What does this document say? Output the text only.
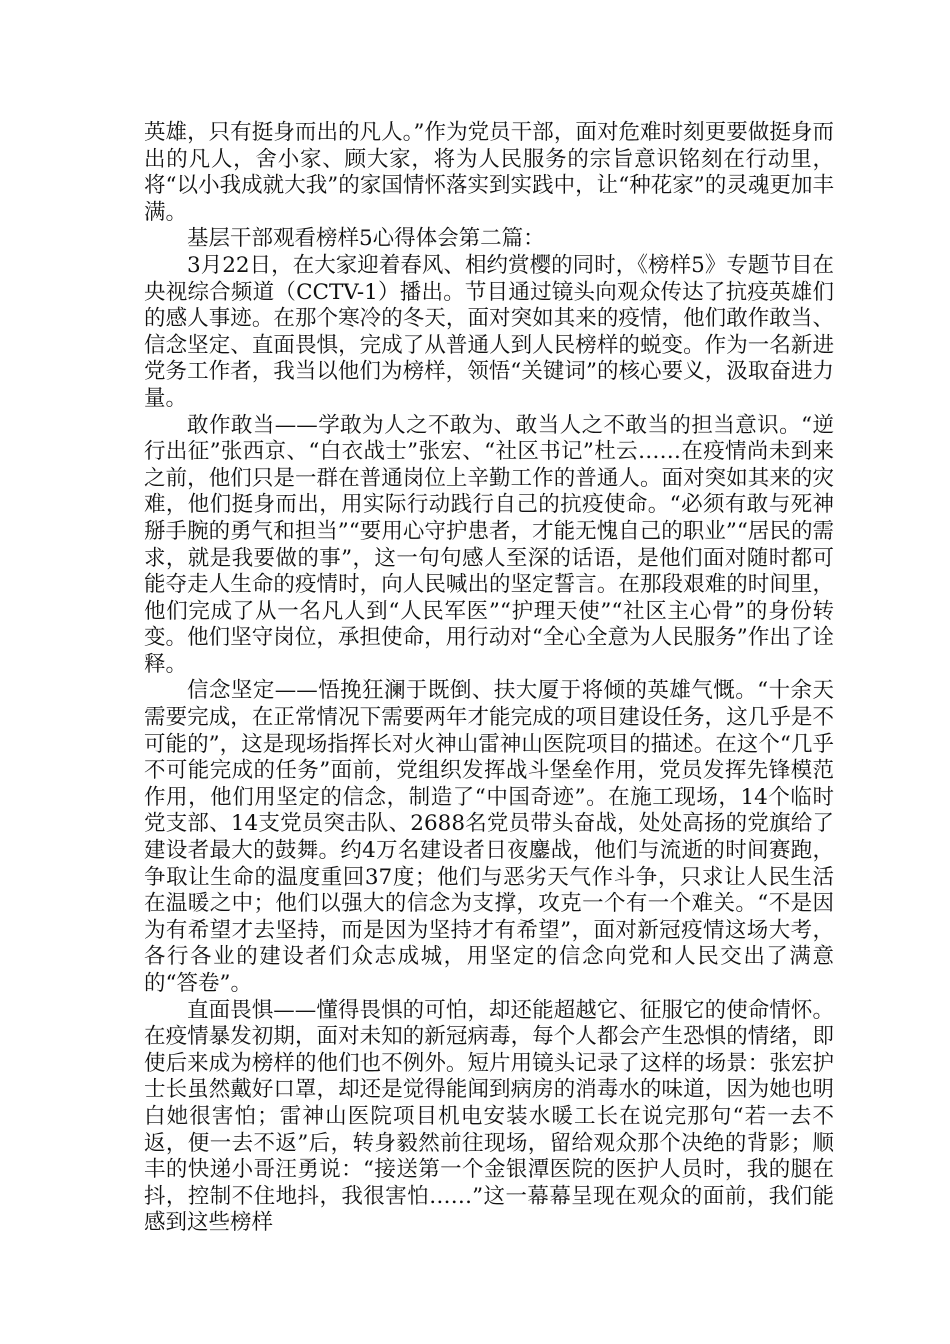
英雄，只有挺身而出的凡人。”作为党员干部，面对危难时刻更要做挺身而出的凡人，舍小家、顾大家，将为人民服务的宗旨意识铭刻在行动里，将“以小我成就大我”的家国情怀落实到实践中，让“种花家”的灵魂更加丰满。

基层干部观看榜样5心得体会第二篇：

3月22日，在大家迎着春风、相约赏樱的同时，《榜样5》专题节目在央视综合频道（CCTV-1）播出。节目通过镜头向观众传达了抗疫英雄们的感人事迹。在那个寒冷的冬天，面对突如其来的疫情，他们敢作敢当、信念坚定、直面畏惧，完成了从普通人到人民榜样的蜕变。作为一名新进党务工作者，我当以他们为榜样，领悟“关键词”的核心要义，汲取奋进力量。

敢作敢当——学敢为人之不敢为、敢当人之不敢当的担当意识。“逆行出征”张西京、“白衣战士”张宏、“社区书记”杜云……在疫情尚未到来之前，他们只是一群在普通岗位上辛勤工作的普通人。面对突如其来的灾难，他们挺身而出，用实际行动践行自己的抗疫使命。“必须有敢与死神掰手腕的勇气和担当”“要用心守护患者，才能无愧自己的职业”“居民的需求，就是我要做的事”，这一句句感人至深的话语，是他们面对随时都可能夺走人生命的疫情时，向人民喊出的坚定誓言。在那段艰难的时间里，他们完成了从一名凡人到“人民军医”“护理天使”“社区主心骨”的身份转变。他们坚守岗位，承担使命，用行动对“全心全意为人民服务”作出了诠释。

信念坚定——悟挽狂澜于既倒、扶大厦于将倾的英雄气慨。“十余天需要完成，在正常情况下需要两年才能完成的项目建设任务，这几乎是不可能的”，这是现场指挥长对火神山雷神山医院项目的描述。在这个“几乎不可能完成的任务”面前，党组织发挥战斗堡垒作用，党员发挥先锋模范作用，他们用坚定的信念，制造了“中国奇迹”。在施工现场，14个临时党支部、14支党员突击队、2688名党员带头奋战，处处高扬的党旗给了建设者最大的鼓舞。约4万名建设者日夜鏖战，他们与流逝的时间赛跑，争取让生命的温度重回37度；他们与恶劣天气作斗争，只求让人民生活在温暖之中；他们以强大的信念为支撑，攻克一个有一个难关。“不是因为有希望才去坚持，而是因为坚持才有希望”，面对新冠疫情这场大考，各行各业的建设者们众志成城，用坚定的信念向党和人民交出了满意的“答卷”。

直面畏惧——懂得畏惧的可怕，却还能超越它、征服它的使命情怀。在疫情暴发初期，面对未知的新冠病毒，每个人都会产生恐惧的情绪，即使后来成为榜样的他们也不例外。短片用镜头记录了这样的场景：张宏护士长虽然戴好口罩，却还是觉得能闻到病房的消毒水的味道，因为她也明白她很害怕；雷神山医院项目机电安装水暖工长在说完那句“若一去不返，便一去不返”后，转身毅然前往现场，留给观众那个决绝的背影；顺丰的快递小哥汪勇说：“接送第一个金银潭医院的医护人员时，我的腿在抖，控制不住地抖，我很害怕……”这一幕幕呈现在观众的面前，我们能感到这些榜样
